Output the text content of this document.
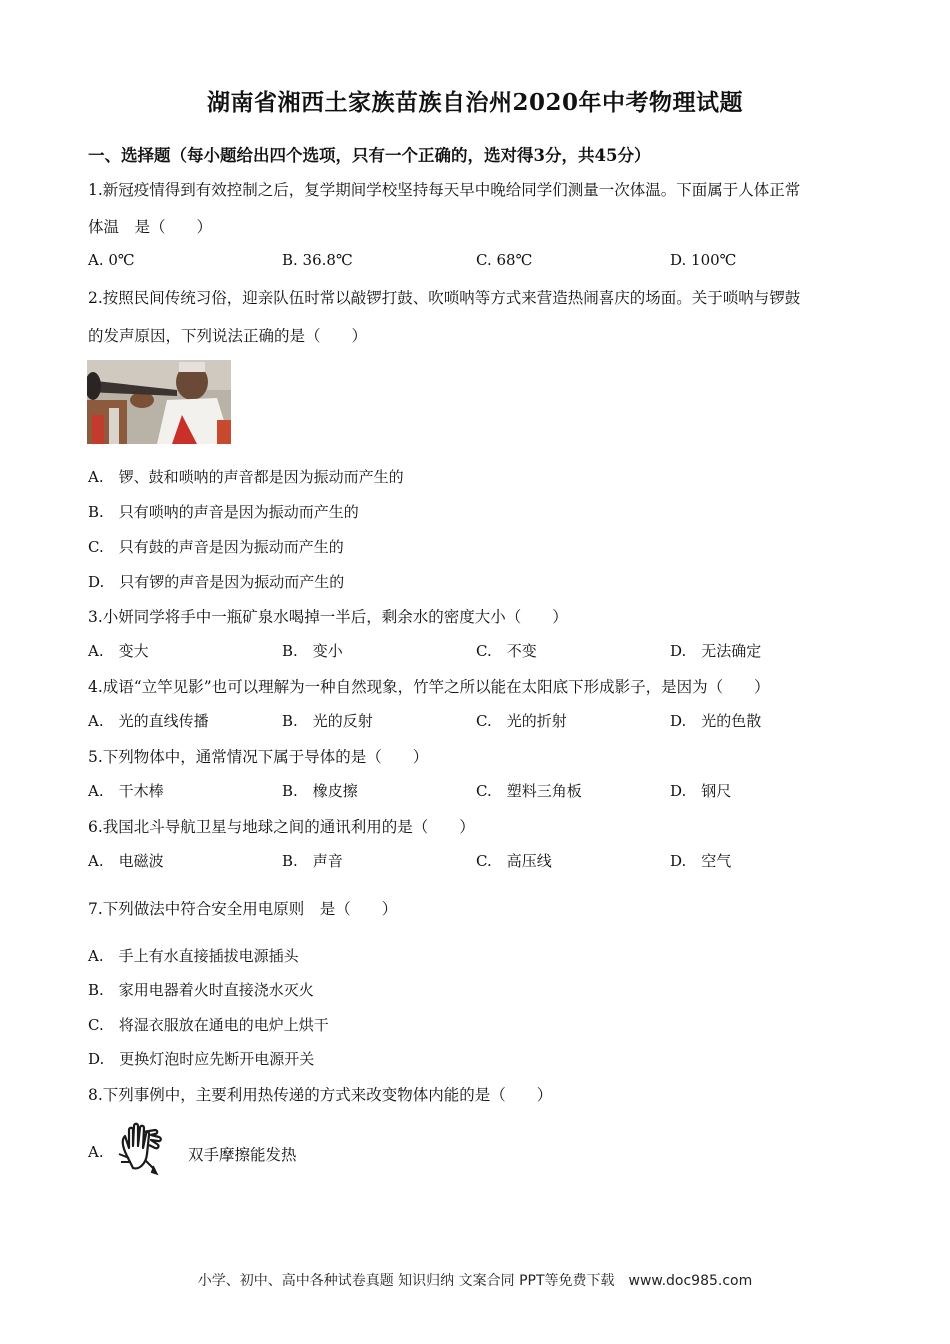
湖南省湘西土家族苗族自治州2020年中考物理试题
一、选择题（每小题给出四个选项，只有一个正确的，选对得3分，共45分）
1.新冠疫情得到有效控制之后，复学期间学校坚持每天早中晚给同学们测量一次体温。下面属于人体正常
体温　是（　　）
A. 0℃	B. 36.8℃	C. 68℃	D. 100℃
2.按照民间传统习俗，迎亲队伍时常以敲锣打鼓、吹唢呐等方式来营造热闹喜庆的场面。关于唢呐与锣鼓
的发声原因，下列说法正确的是（　　）
A.　锣、鼓和唢呐的声音都是因为振动而产生的
B.　只有唢呐的声音是因为振动而产生的
C.　只有鼓的声音是因为振动而产生的
D.　只有锣的声音是因为振动而产生的
3.小妍同学将手中一瓶矿泉水喝掉一半后，剩余水的密度大小（　　）
A.　变大	B.　变小	C.　不变	D.　无法确定
4.成语“立竿见影”也可以理解为一种自然现象，竹竿之所以能在太阳底下形成影子，是因为（　　）
A.　光的直线传播	B.　光的反射	C.　光的折射	D.　光的色散
5.下列物体中，通常情况下属于导体的是（　　）
A.　干木棒	B.　橡皮擦	C.　塑料三角板	D.　钢尺
6.我国北斗导航卫星与地球之间的通讯利用的是（　　）
A.　电磁波	B.　声音	C.　高压线	D.　空气
7.下列做法中符合安全用电原则　是（　　）
A.　手上有水直接插拔电源插头
B.　家用电器着火时直接浇水灭火
C.　将湿衣服放在通电的电炉上烘干
D.　更换灯泡时应先断开电源开关
8.下列事例中，主要利用热传递的方式来改变物体内能的是（　　）
A.	双手摩擦能发热
小学、初中、高中各种试卷真题 知识归纳 文案合同 PPT等免费下载　www.doc985.com
